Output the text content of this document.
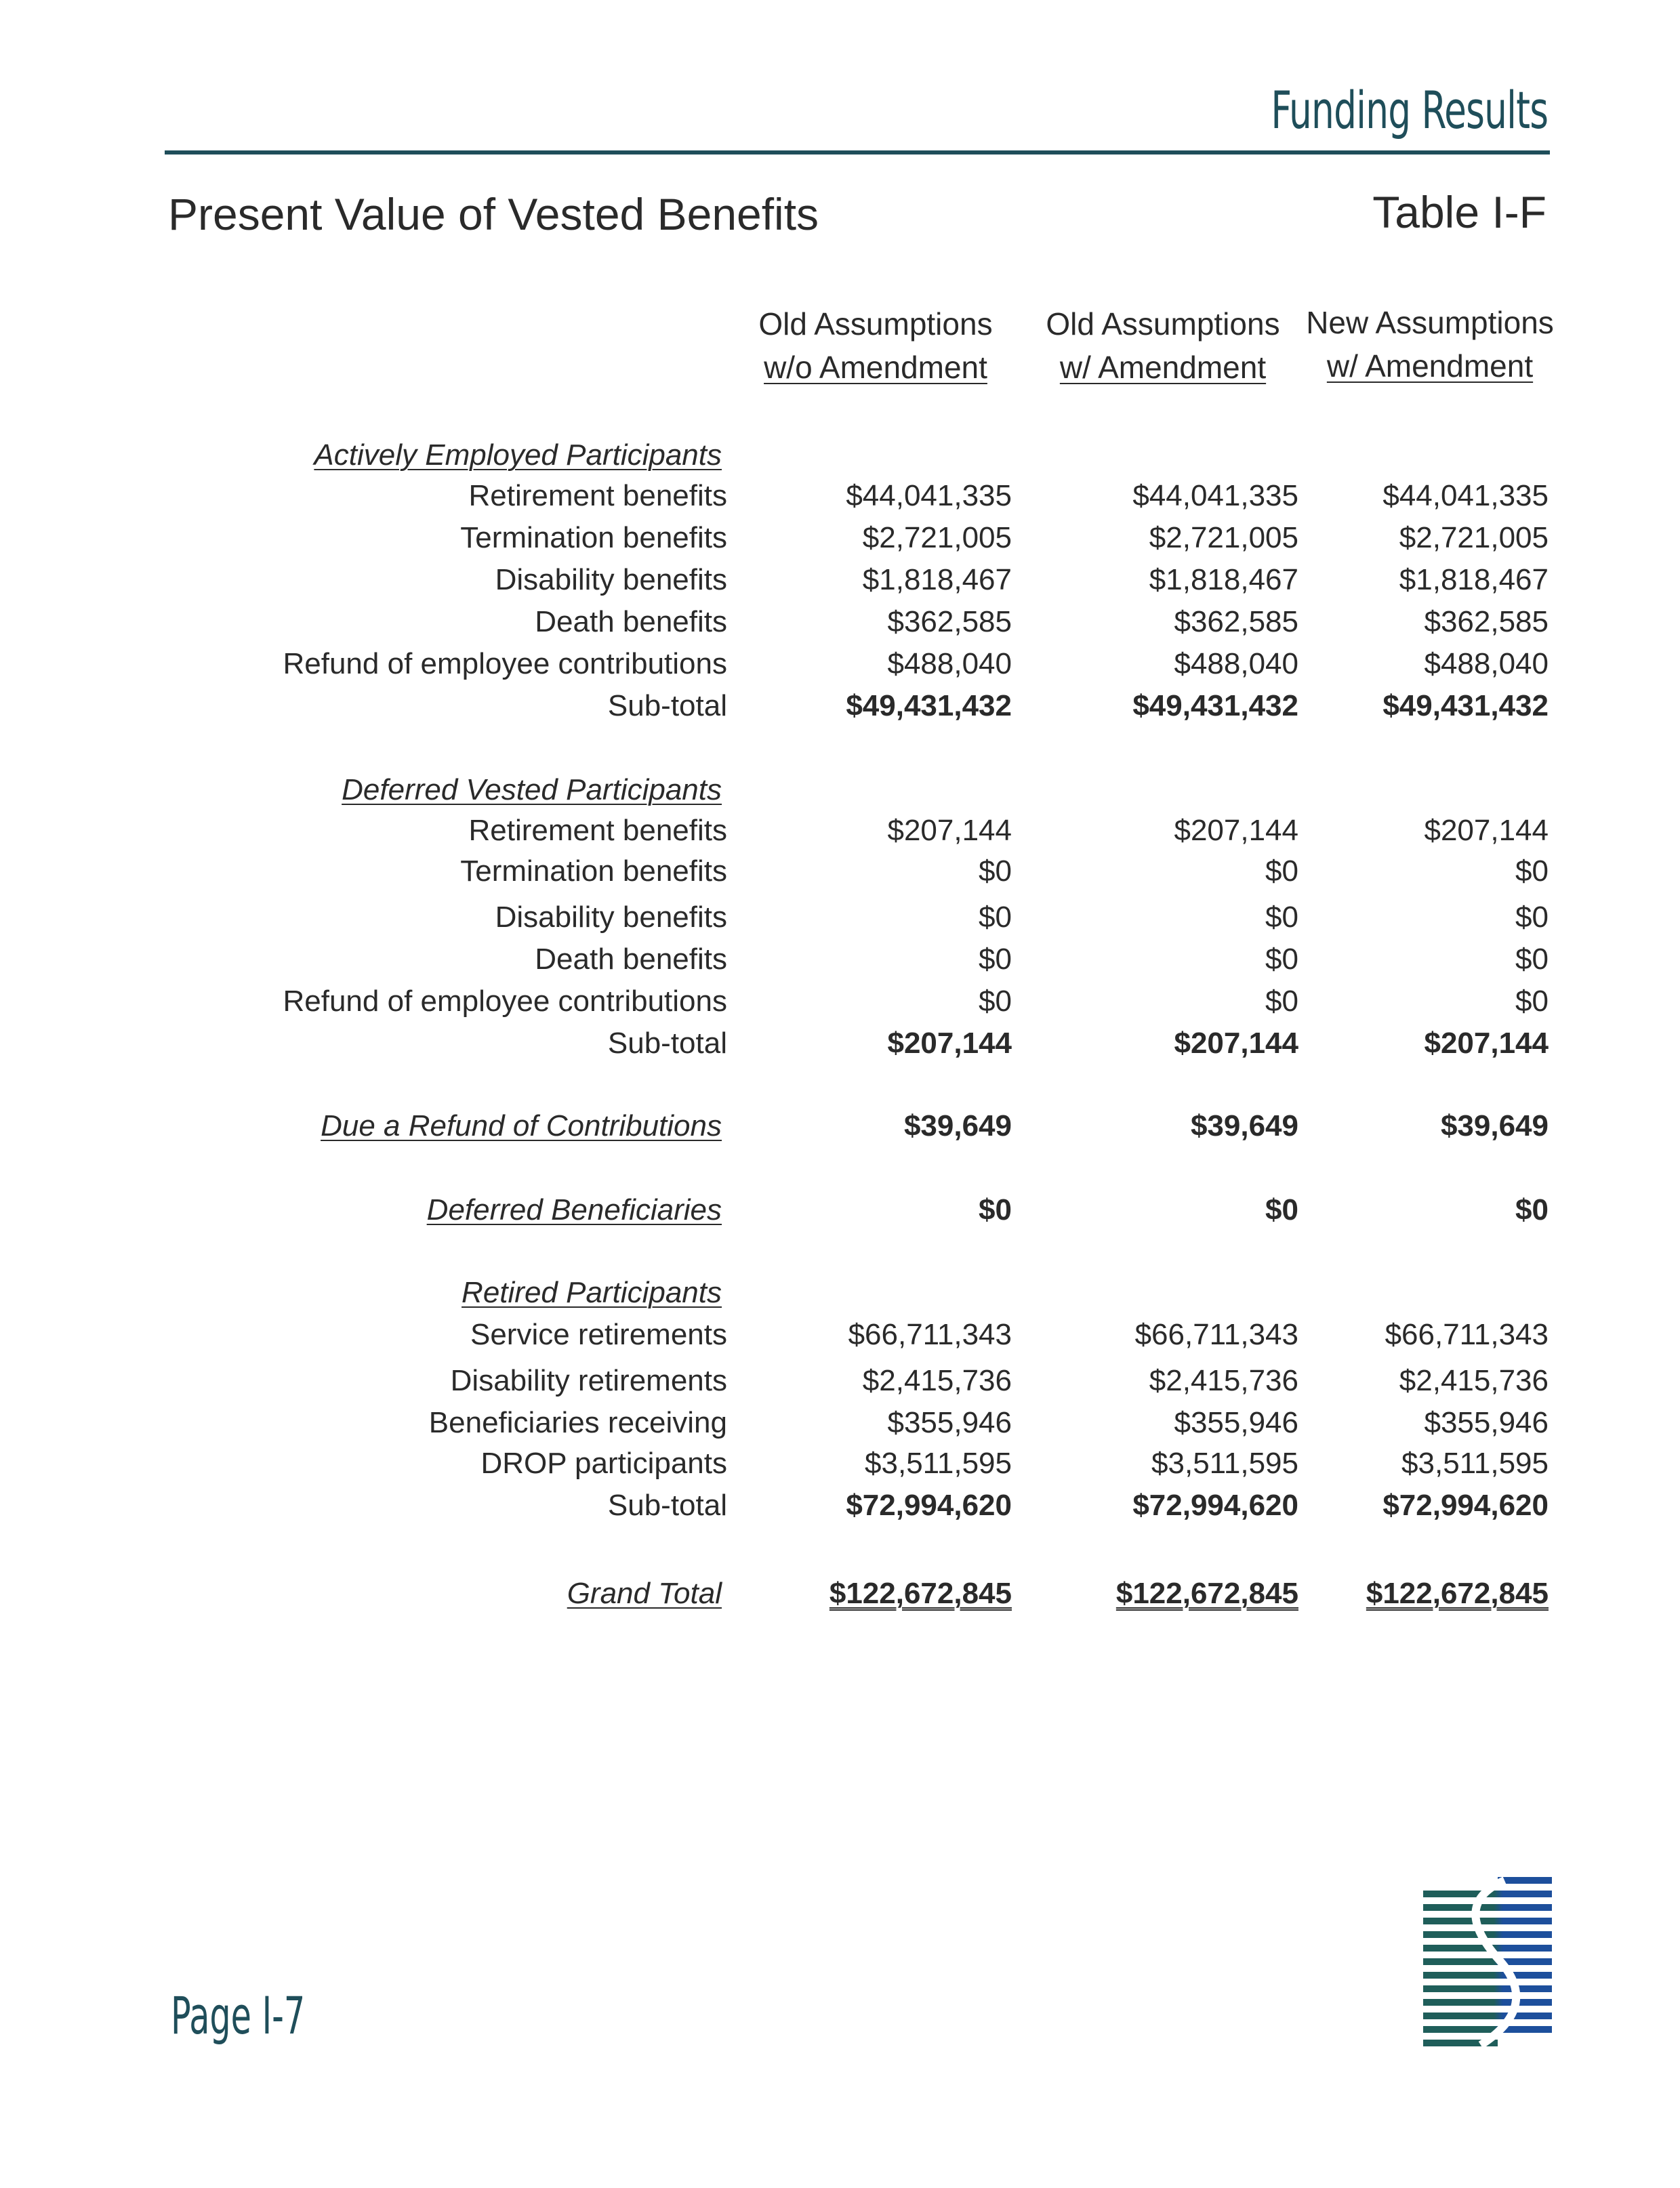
Funding Results
Present Value of Vested Benefits	Table I-F
Old Assumptions
w/o Amendment
Old Assumptions
w/ Amendment
New Assumptions
w/ Amendment
Actively Employed Participants
Retirement benefits	$44,041,335	$44,041,335	$44,041,335
Termination benefits	$2,721,005	$2,721,005	$2,721,005
Disability benefits	$1,818,467	$1,818,467	$1,818,467
Death benefits	$362,585	$362,585	$362,585
Refund of employee contributions	$488,040	$488,040	$488,040
Sub-total	$49,431,432	$49,431,432	$49,431,432
Deferred Vested Participants
Retirement benefits	$207,144	$207,144	$207,144
Termination benefits	$0	$0	$0
Disability benefits	$0	$0	$0
Death benefits	$0	$0	$0
Refund of employee contributions	$0	$0	$0
Sub-total	$207,144	$207,144	$207,144
Due a Refund of Contributions	$39,649	$39,649	$39,649
Deferred Beneficiaries	$0	$0	$0
Retired Participants
Service retirements	$66,711,343	$66,711,343	$66,711,343
Disability retirements	$2,415,736	$2,415,736	$2,415,736
Beneficiaries receiving	$355,946	$355,946	$355,946
DROP participants	$3,511,595	$3,511,595	$3,511,595
Sub-total	$72,994,620	$72,994,620	$72,994,620
Grand Total	$122,672,845	$122,672,845 $122,672,845
Page I-7
